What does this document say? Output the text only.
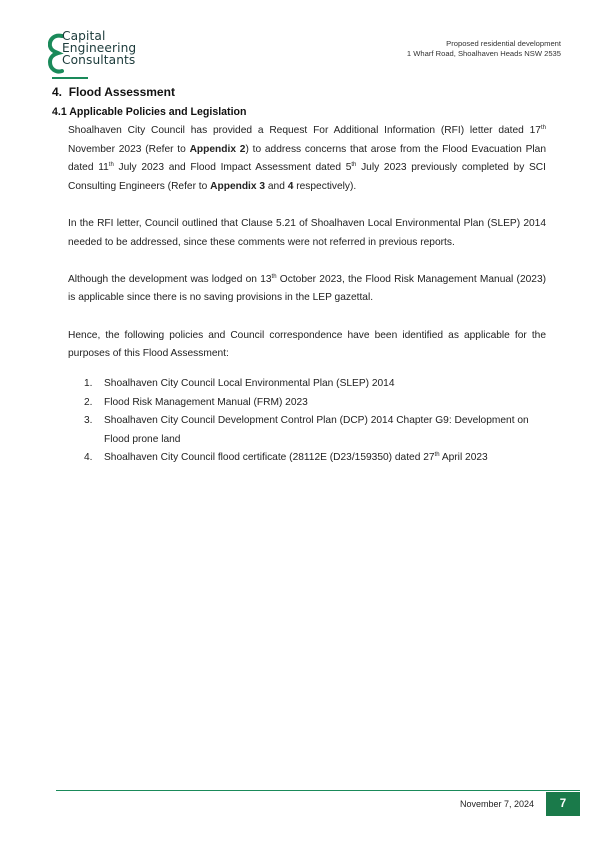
Capital
Engineering
Consultants
Proposed residential development
1 Wharf Road, Shoalhaven Heads NSW 2535
4. Flood Assessment
4.1 Applicable Policies and Legislation

Shoalhaven City Council has provided a Request For Additional Information (RFI) letter dated 17th November 2023 (Refer to Appendix 2) to address concerns that arose from the Flood Evacuation Plan dated 11th July 2023 and Flood Impact Assessment dated 5th July 2023 previously completed by SCI Consulting Engineers (Refer to Appendix 3 and 4 respectively).

In the RFI letter, Council outlined that Clause 5.21 of Shoalhaven Local Environmental Plan (SLEP) 2014 needed to be addressed, since these comments were not referred in previous reports.

Although the development was lodged on 13th October 2023, the Flood Risk Management Manual (2023) is applicable since there is no saving provisions in the LEP gazettal.

Hence, the following policies and Council correspondence have been identified as applicable for the purposes of this Flood Assessment:

1. Shoalhaven City Council Local Environmental Plan (SLEP) 2014
2. Flood Risk Management Manual (FRM) 2023
3. Shoalhaven City Council Development Control Plan (DCP) 2014 Chapter G9: Development on Flood prone land
4. Shoalhaven City Council flood certificate (28112E (D23/159350) dated 27th April 2023
November 7, 2024 7
